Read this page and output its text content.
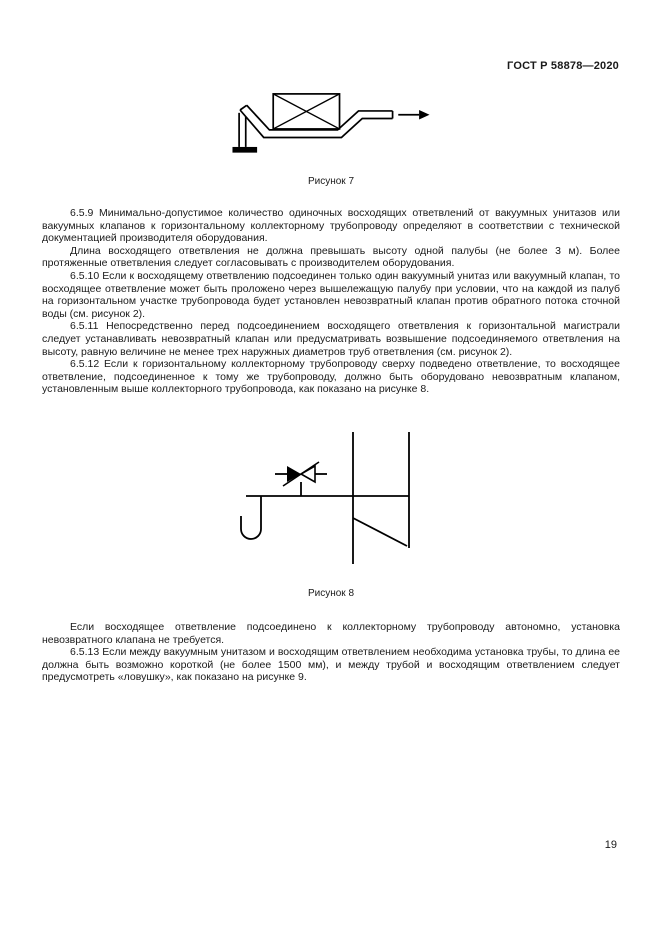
ГОСТ Р 58878—2020
Рисунок 7

6.5.9 Минимально-допустимое количество одиночных восходящих ответвлений от вакуумных унитазов или вакуумных клапанов к горизонтальному коллекторному трубопроводу определяют в соответствии с технической документацией производителя оборудования.

Длина восходящего ответвления не должна превышать высоту одной палубы (не более 3 м). Более протяженные ответвления следует согласовывать с производителем оборудования.

6.5.10 Если к восходящему ответвлению подсоединен только один вакуумный унитаз или вакуумный клапан, то восходящее ответвление может быть проложено через вышележащую палубу при условии, что на каждой из палуб на горизонтальном участке трубопровода будет установлен невозвратный клапан против обратного потока сточной воды (см. рисунок 2).

6.5.11 Непосредственно перед подсоединением восходящего ответвления к горизонтальной магистрали следует устанавливать невозвратный клапан или предусматривать возвышение подсоединяемого ответвления на высоту, равную величине не менее трех наружных диаметров труб ответвления (см. рисунок 2).

6.5.12 Если к горизонтальному коллекторному трубопроводу сверху подведено ответвление, то восходящее ответвление, подсоединенное к тому же трубопроводу, должно быть оборудовано невозвратным клапаном, установленным выше коллекторного трубопровода, как показано на рисунке 8.

Рисунок 8

Если восходящее ответвление подсоединено к коллекторному трубопроводу автономно, установка невозвратного клапана не требуется.

6.5.13 Если между вакуумным унитазом и восходящим ответвлением необходима установка трубы, то длина ее должна быть возможно короткой (не более 1500 мм), и между трубой и восходящим ответвлением следует предусмотреть «ловушку», как показано на рисунке 9.

19
